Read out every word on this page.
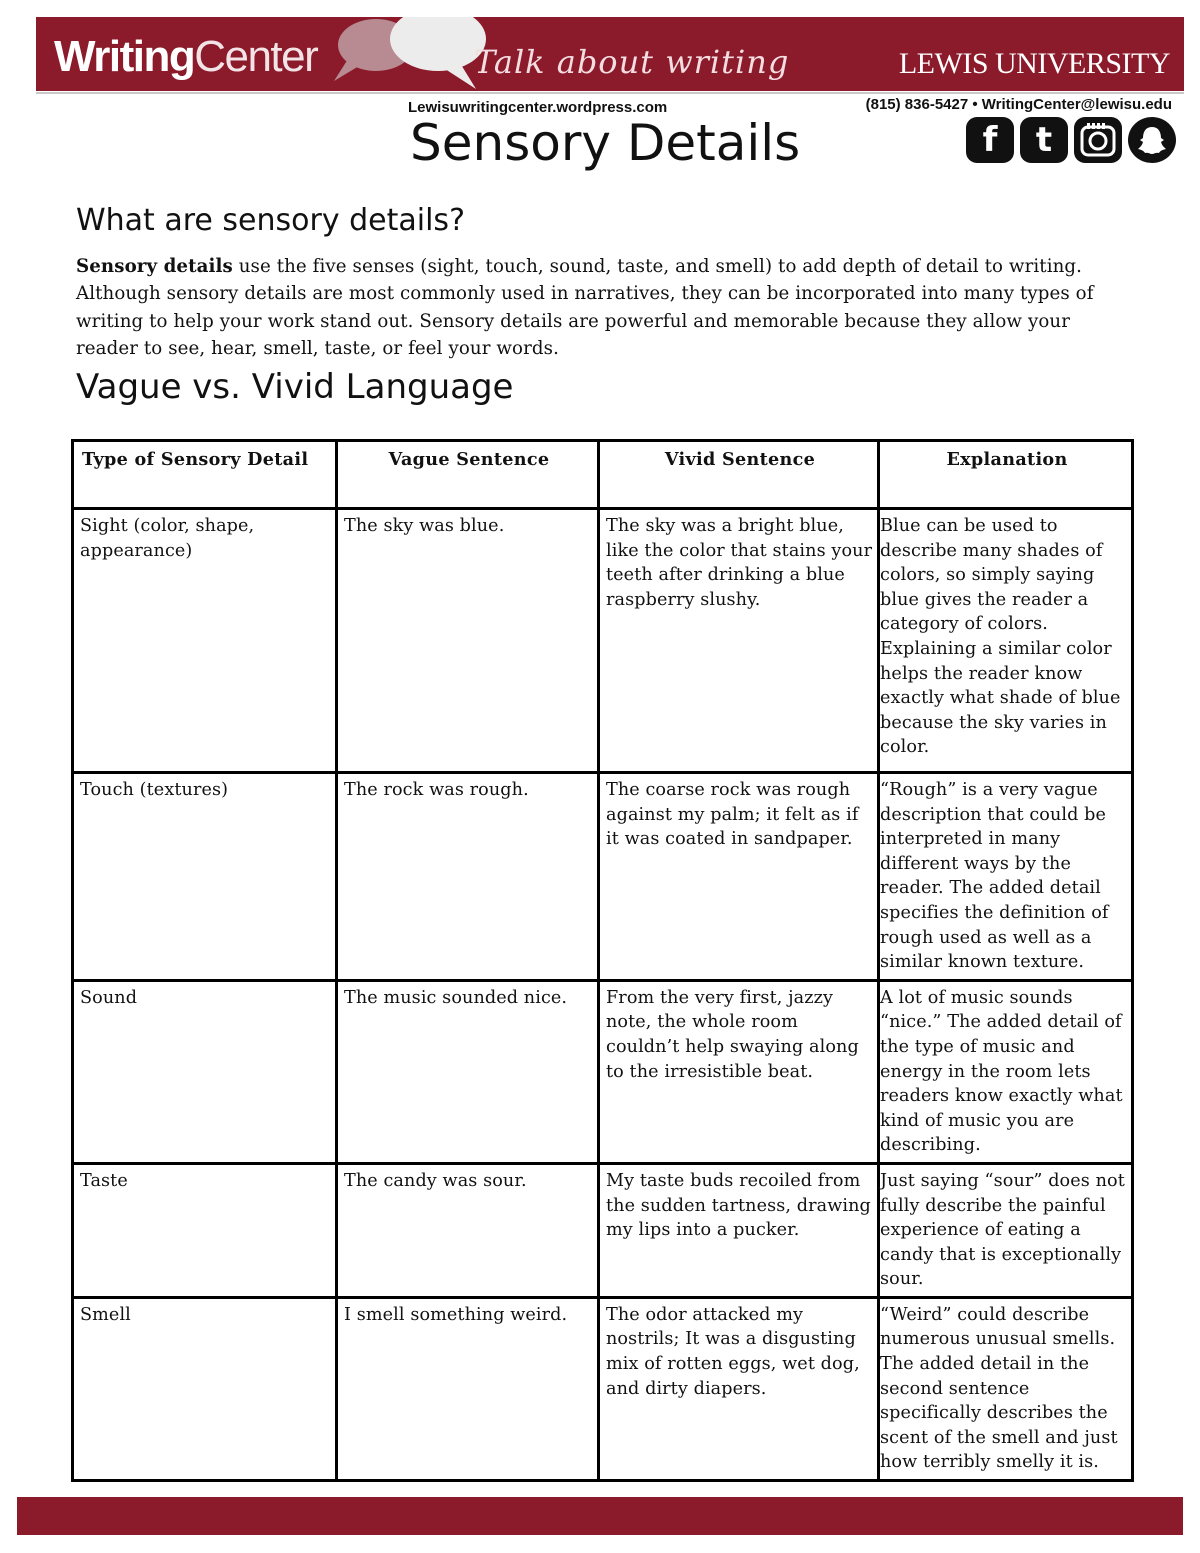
WritingCenter	Talk about writing	LEWIS UNIVERSITY
Lewisuwritingcenter.wordpress.com	(815) 836-5427 • WritingCenter@lewisu.edu
f t
Sensory Details
What are sensory details?

Sensory details use the five senses (sight, touch, sound, taste, and smell) to add depth of detail to writing. Although sensory details are most commonly used in narratives, they can be incorporated into many types of writing to help your work stand out. Sensory details are powerful and memorable because they allow your reader to see, hear, smell, taste, or feel your words.

Vague vs. Vivid Language
Type of Sensory Detail	Vague Sentence	Vivid Sentence	Explanation
Sight (color, shape, appearance)	The sky was blue.	The sky was a bright blue, like the color that stains your teeth after drinking a blue raspberry slushy.	Blue can be used to describe many shades of colors, so simply saying blue gives the reader a category of colors. Explaining a similar color helps the reader know exactly what shade of blue because the sky varies in color.
Touch (textures)	The rock was rough.	The coarse rock was rough against my palm; it felt as if it was coated in sandpaper.	“Rough” is a very vague description that could be interpreted in many different ways by the reader. The added detail specifies the definition of rough used as well as a similar known texture.
Sound	The music sounded nice.	From the very first, jazzy note, the whole room couldn’t help swaying along to the irresistible beat.	A lot of music sounds “nice.” The added detail of the type of music and energy in the room lets readers know exactly what kind of music you are describing.
Taste	The candy was sour.	My taste buds recoiled from the sudden tartness, drawing my lips into a pucker.	Just saying “sour” does not fully describe the painful experience of eating a candy that is exceptionally sour.
Smell	I smell something weird.	The odor attacked my nostrils; It was a disgusting mix of rotten eggs, wet dog, and dirty diapers.	“Weird” could describe numerous unusual smells. The added detail in the second sentence specifically describes the scent of the smell and just how terribly smelly it is.
